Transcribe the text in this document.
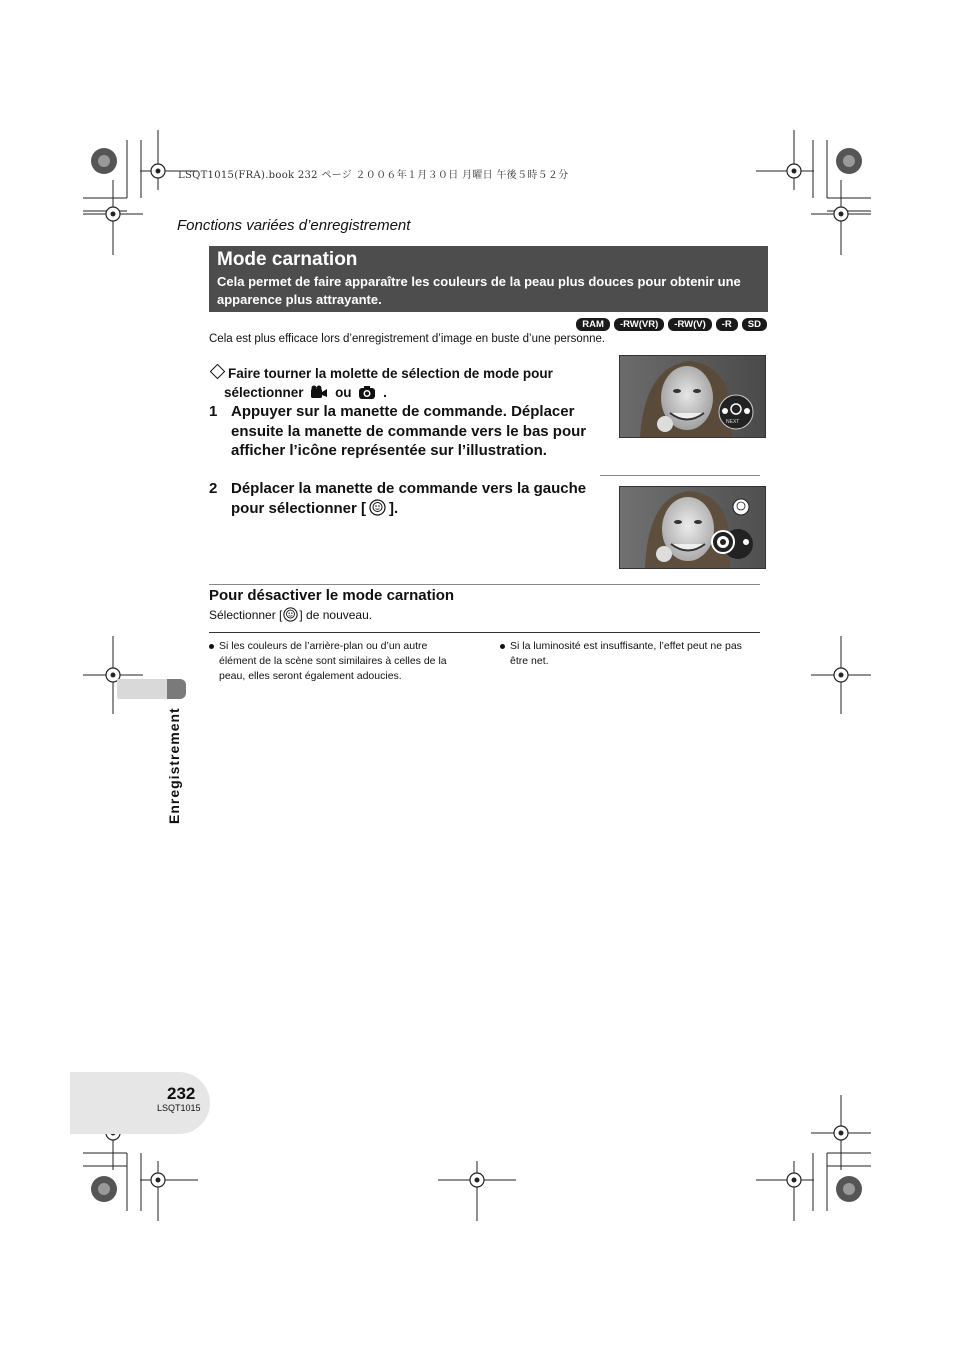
LSQT1015(FRA).book 232 ページ ２００６年１月３０日 月曜日 午後５時５２分
Fonctions variées d’enregistrement
Mode carnation
Cela permet de faire apparaître les couleurs de la peau plus douces pour obtenir une apparence plus attrayante.
RAM	-RW(VR)	-RW(V)	-R	SD
Cela est plus efficace lors d’enregistrement d’image en buste d’une personne.
Faire tourner la molette de sélection de mode pour
sélectionner ou .
NEXT
1 Appuyer sur la manette de commande. Déplacer ensuite la manette de commande vers le bas pour afficher l’icône représentée sur l’illustration.
2 Déplacer la manette de commande vers la gauche pour sélectionner [ ].
Pour désactiver le mode carnation
Sélectionner [ ] de nouveau.
Si les couleurs de l’arrière-plan ou d’un autre élément de la scène sont similaires à celles de la peau, elles seront également adoucies.
Si la luminosité est insuffisante, l’effet peut ne pas être net.
Enregistrement
232
LSQT1015
